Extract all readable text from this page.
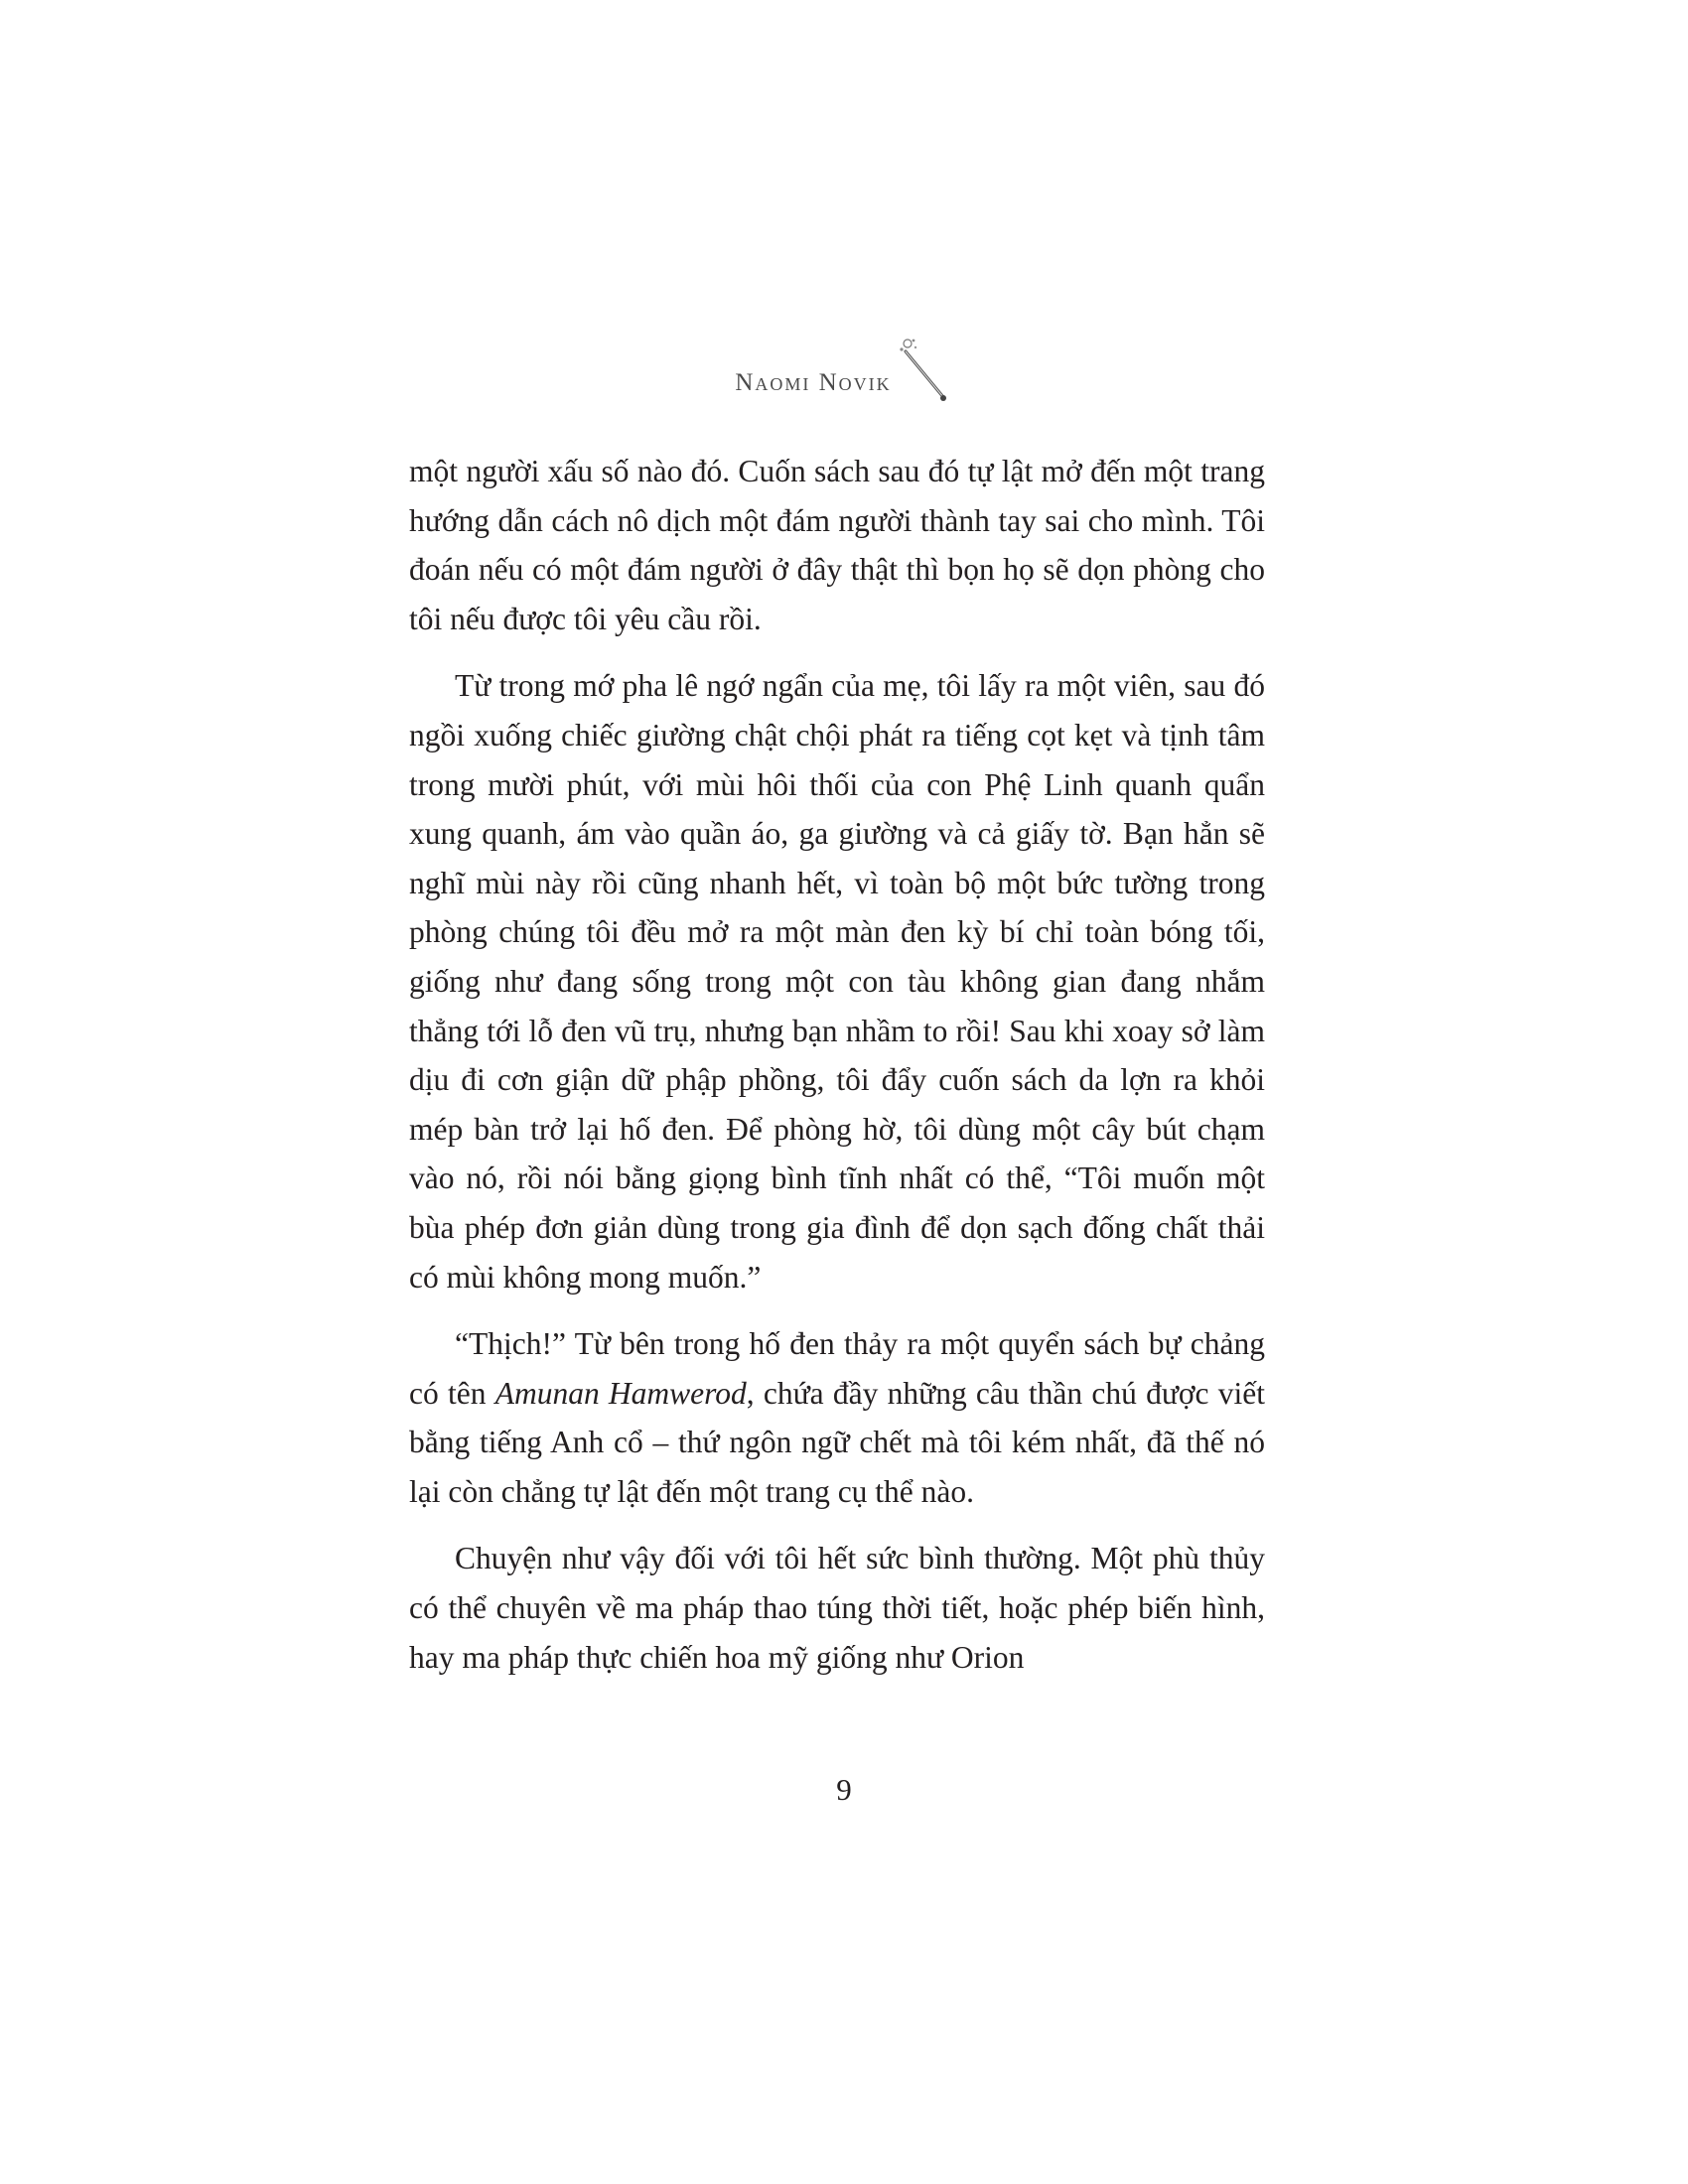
Naomi Novik

một người xấu số nào đó. Cuốn sách sau đó tự lật mở đến một trang hướng dẫn cách nô dịch một đám người thành tay sai cho mình. Tôi đoán nếu có một đám người ở đây thật thì bọn họ sẽ dọn phòng cho tôi nếu được tôi yêu cầu rồi.

Từ trong mớ pha lê ngớ ngẩn của mẹ, tôi lấy ra một viên, sau đó ngồi xuống chiếc giường chật chội phát ra tiếng cọt kẹt và tịnh tâm trong mười phút, với mùi hôi thối của con Phệ Linh quanh quẩn xung quanh, ám vào quần áo, ga giường và cả giấy tờ. Bạn hẳn sẽ nghĩ mùi này rồi cũng nhanh hết, vì toàn bộ một bức tường trong phòng chúng tôi đều mở ra một màn đen kỳ bí chỉ toàn bóng tối, giống như đang sống trong một con tàu không gian đang nhắm thẳng tới lỗ đen vũ trụ, nhưng bạn nhầm to rồi! Sau khi xoay sở làm dịu đi cơn giận dữ phập phồng, tôi đẩy cuốn sách da lợn ra khỏi mép bàn trở lại hố đen. Để phòng hờ, tôi dùng một cây bút chạm vào nó, rồi nói bằng giọng bình tĩnh nhất có thể, “Tôi muốn một bùa phép đơn giản dùng trong gia đình để dọn sạch đống chất thải có mùi không mong muốn.”

“Thịch!” Từ bên trong hố đen thảy ra một quyển sách bự chảng có tên Amunan Hamwerod, chứa đầy những câu thần chú được viết bằng tiếng Anh cổ – thứ ngôn ngữ chết mà tôi kém nhất, đã thế nó lại còn chẳng tự lật đến một trang cụ thể nào.

Chuyện như vậy đối với tôi hết sức bình thường. Một phù thủy có thể chuyên về ma pháp thao túng thời tiết, hoặc phép biến hình, hay ma pháp thực chiến hoa mỹ giống như Orion

9
